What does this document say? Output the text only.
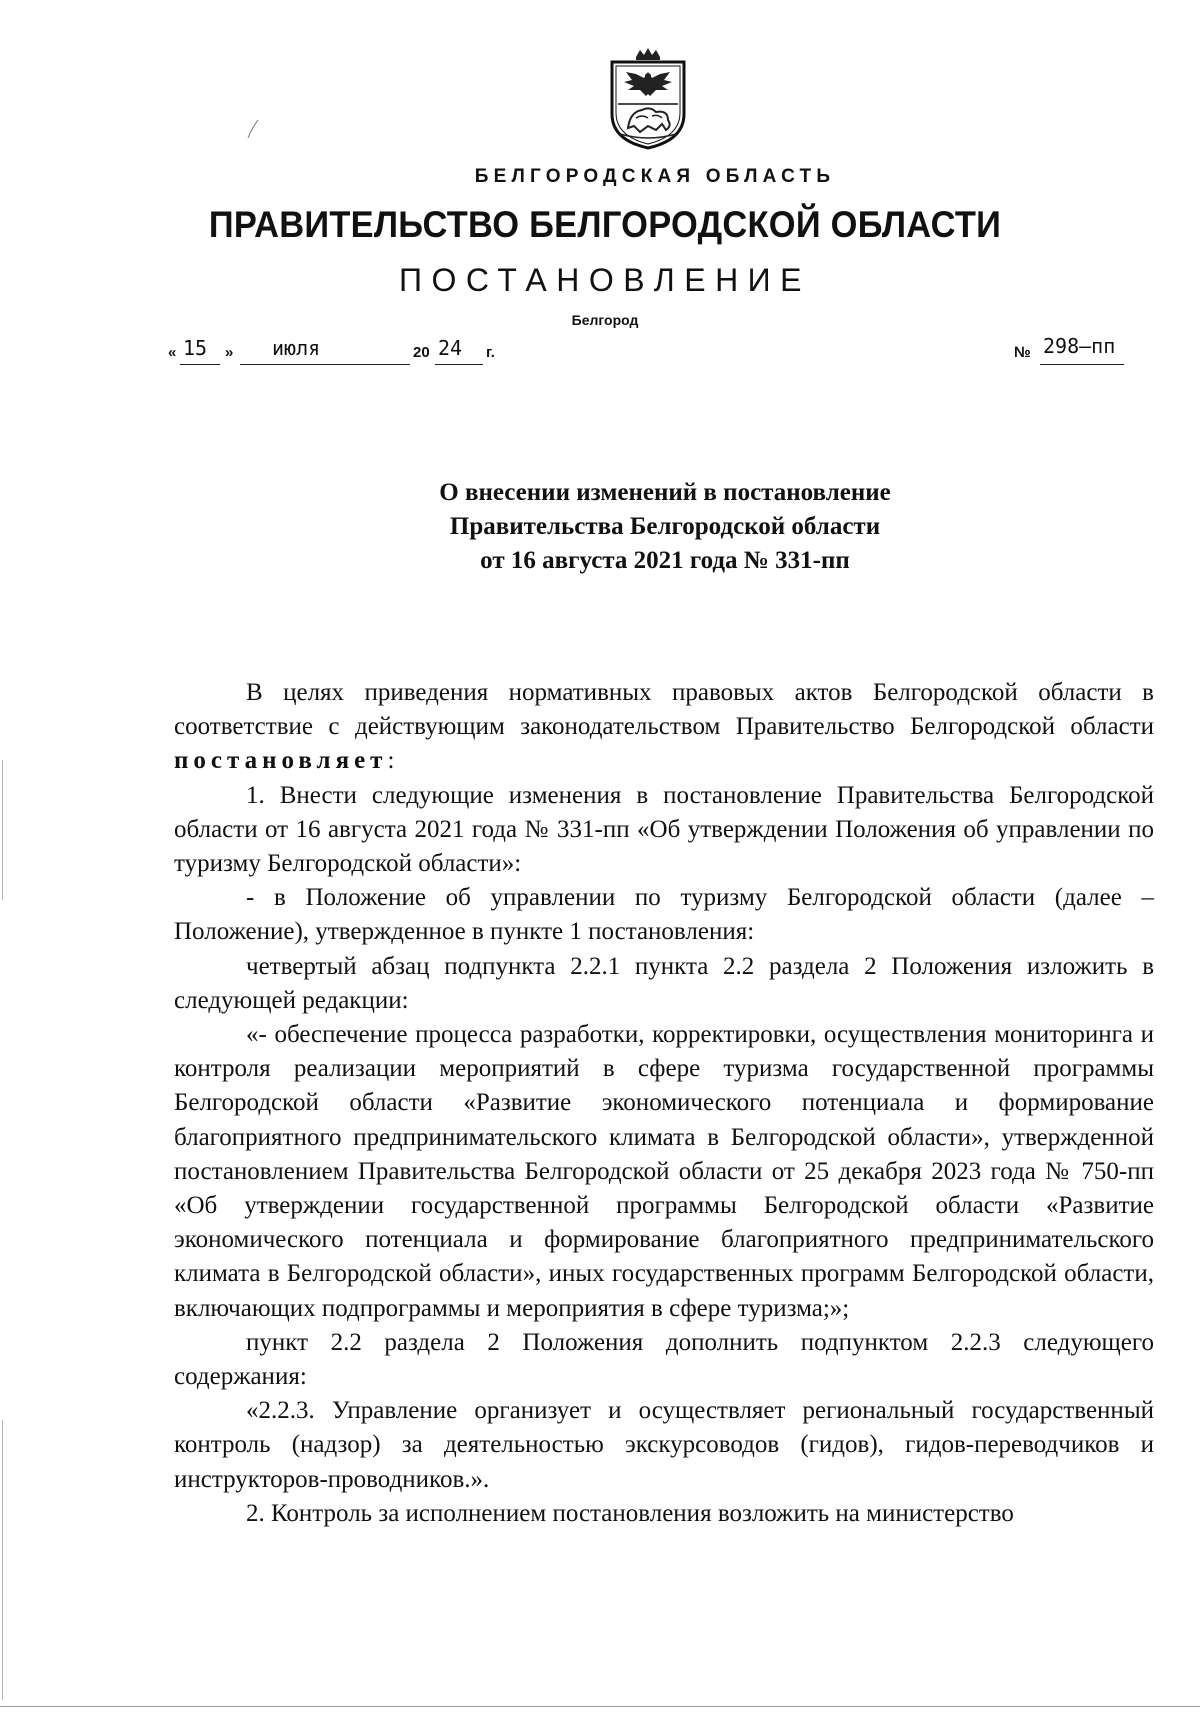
БЕЛГОРОДСКАЯ ОБЛАСТЬ
ПРАВИТЕЛЬСТВО БЕЛГОРОДСКОЙ ОБЛАСТИ
ПОСТАНОВЛЕНИЕ
Белгород
« 15 » июля	20 24 г.	№ 298–пп
О внесении изменений в постановление
Правительства Белгородской области
от 16 августа 2021 года № 331-пп

В целях приведения нормативных правовых актов Белгородской области в соответствие с действующим законодательством Правительство Белгородской области постановляет:

1. Внести следующие изменения в постановление Правительства Белгородской области от 16 августа 2021 года № 331-пп «Об утверждении Положения об управлении по туризму Белгородской области»:

- в Положение об управлении по туризму Белгородской области (далее – Положение), утвержденное в пункте 1 постановления:

четвертый абзац подпункта 2.2.1 пункта 2.2 раздела 2 Положения изложить в следующей редакции:

«- обеспечение процесса разработки, корректировки, осуществления мониторинга и контроля реализации мероприятий в сфере туризма государственной программы Белгородской области «Развитие экономического потенциала и формирование благоприятного предпринимательского климата в Белгородской области», утвержденной постановлением Правительства Белгородской области от 25 декабря 2023 года № 750-пп «Об утверждении государственной программы Белгородской области «Развитие экономического потенциала и формирование благоприятного предпринимательского климата в Белгородской области», иных государственных программ Белгородской области, включающих подпрограммы и мероприятия в сфере туризма;»;

пункт 2.2 раздела 2 Положения дополнить подпунктом 2.2.3 следующего содержания:

«2.2.3. Управление организует и осуществляет региональный государственный контроль (надзор) за деятельностью экскурсоводов (гидов), гидов-переводчиков и инструкторов-проводников.».

2. Контроль за исполнением постановления возложить на министерство
